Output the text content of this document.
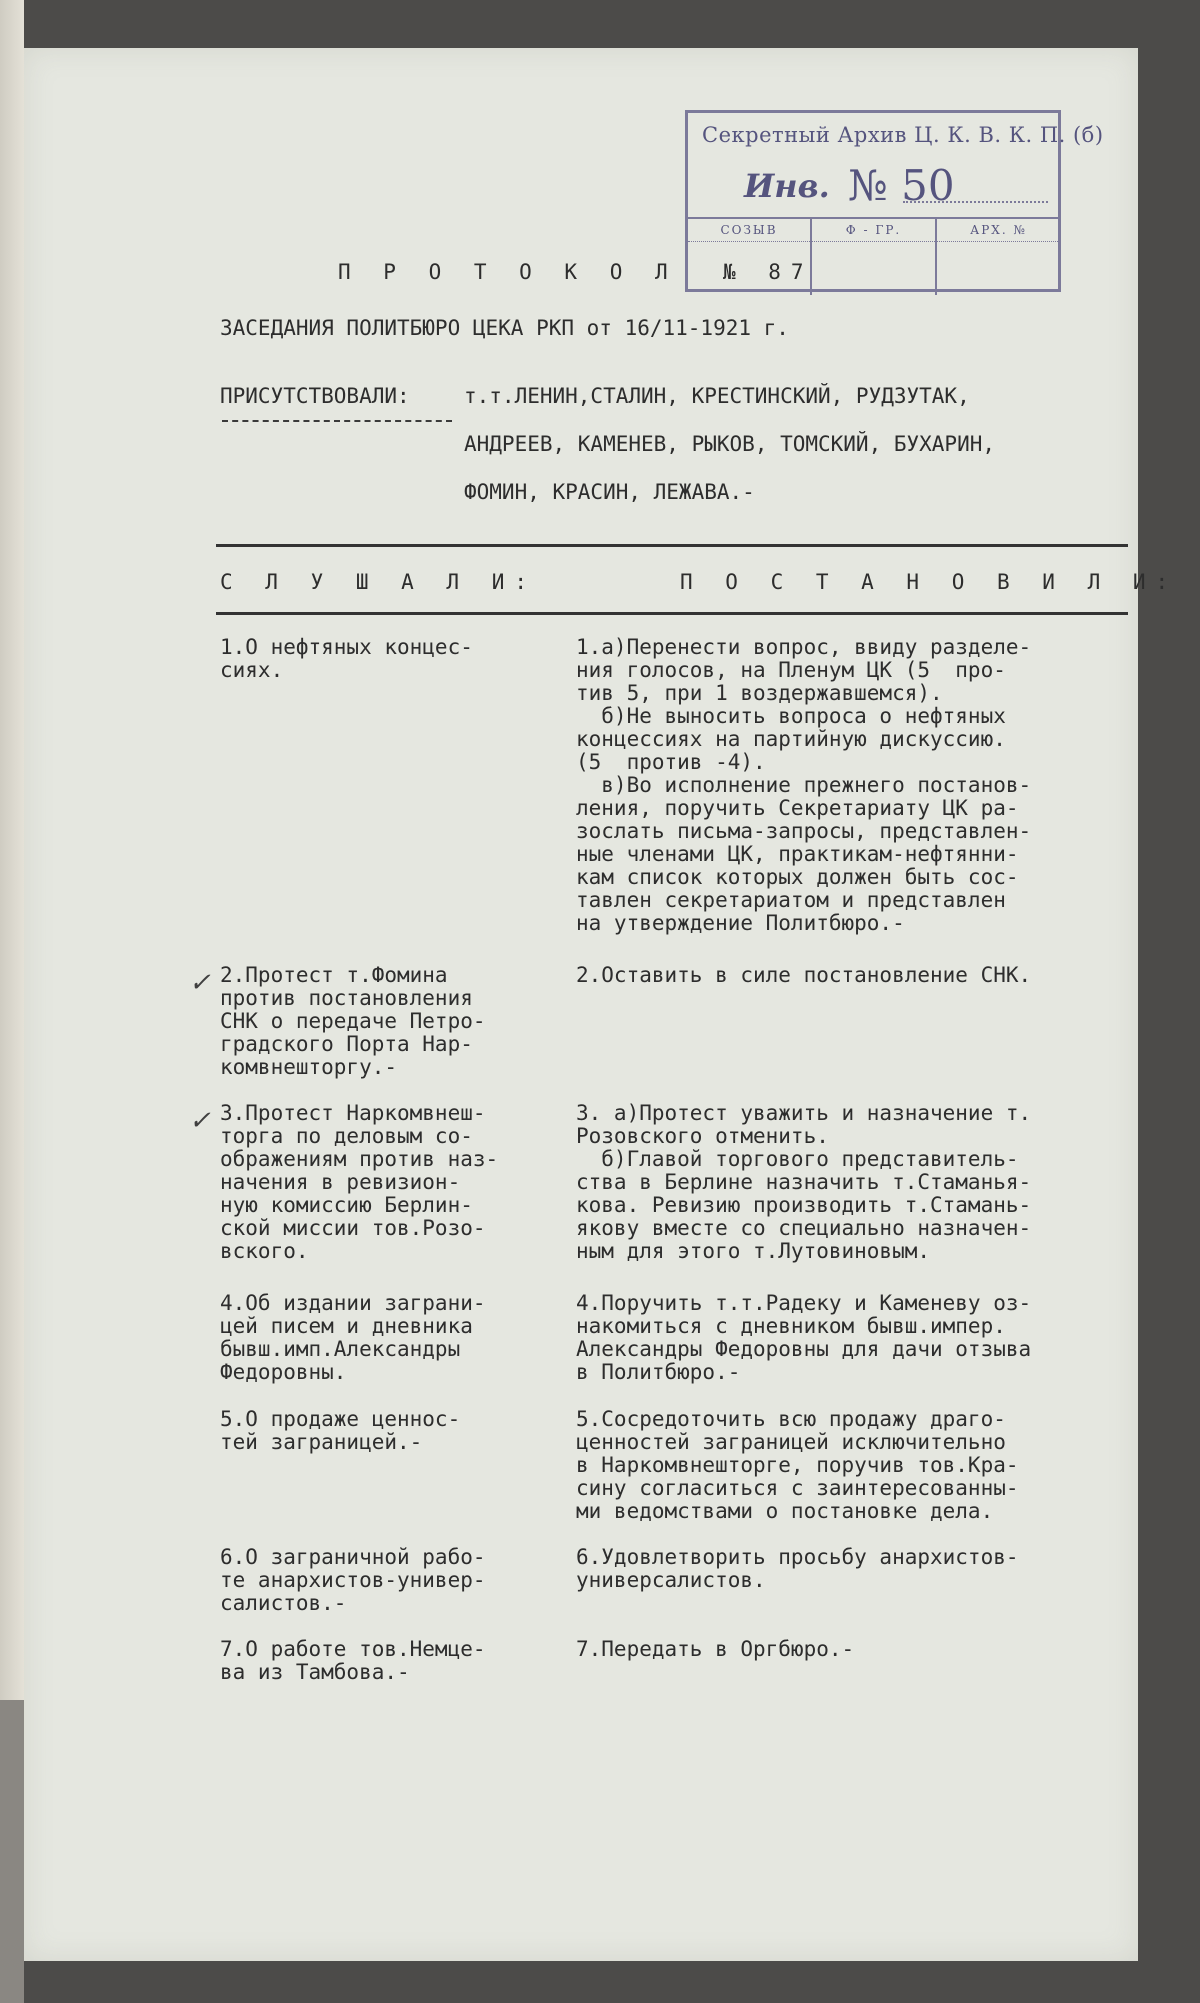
Секретный Архив Ц. К. В. К. П. (б)
Инв. № 50
СОЗЫВ	Ф - ГР.	АРХ. №
П Р О Т О К О Л  № 87
ЗАСЕДАНИЯ ПОЛИТБЮРО ЦЕКА РКП от 16/11-1921 г.
ПРИСУТСТВОВАЛИ:	т.т.ЛЕНИН,СТАЛИН, КРЕСТИНСКИЙ, РУДЗУТАК,
АНДРЕЕВ, КАМЕНЕВ, РЫКОВ, ТОМСКИЙ, БУХАРИН,
ФОМИН, КРАСИН, ЛЕЖАВА.-
С Л У Ш А Л И:	П О С Т А Н О В И Л И:
1.О нефтяных концес-
сиях.
1.а)Перенести вопрос, ввиду разделе-
ния голосов, на Пленум ЦК (5  про-
тив 5, при 1 воздержавшемся).
б)Не выносить вопроса о нефтяных
концессиях на партийную дискуссию.
(5  против -4).
в)Во исполнение прежнего постанов-
ления, поручить Секретариату ЦК ра-
зослать письма-запросы, представлен-
ные членами ЦК, практикам-нефтянни-
кам список которых должен быть сос-
тавлен секретариатом и представлен
на утверждение Политбюро.-
✓ 2.Протест т.Фомина
против постановления
СНК о передаче Петро-
градского Порта Нар-
комвнешторгу.-
2.Оставить в силе постановление СНК.
✓ 3.Протест Наркомвнеш-
торга по деловым со-
ображениям против наз-
начения в ревизион-
ную комиссию Берлин-
ской миссии тов.Розо-
вского.
3. а)Протест уважить и назначение т.
Розовского отменить.
б)Главой торгового представитель-
ства в Берлине назначить т.Стаманья-
кова. Ревизию производить т.Стамань-
якову вместе со специально назначен-
ным для этого т.Лутовиновым.
4.Об издании заграни-
цей писем и дневника
бывш.имп.Александры
Федоровны.
4.Поручить т.т.Радеку и Каменеву оз-
накомиться с дневником бывш.импер.
Александры Федоровны для дачи отзыва
в Политбюро.-
5.О продаже ценнос-
тей заграницей.-
5.Сосредоточить всю продажу драго-
ценностей заграницей исключительно
в Наркомвнешторге, поручив тов.Кра-
сину согласиться с заинтересованны-
ми ведомствами о постановке дела.
6.О заграничной рабо-
те анархистов-универ-
салистов.-
6.Удовлетворить просьбу анархистов-
универсалистов.
7.О работе тов.Немце-
ва из Тамбова.-
7.Передать в Оргбюро.-
